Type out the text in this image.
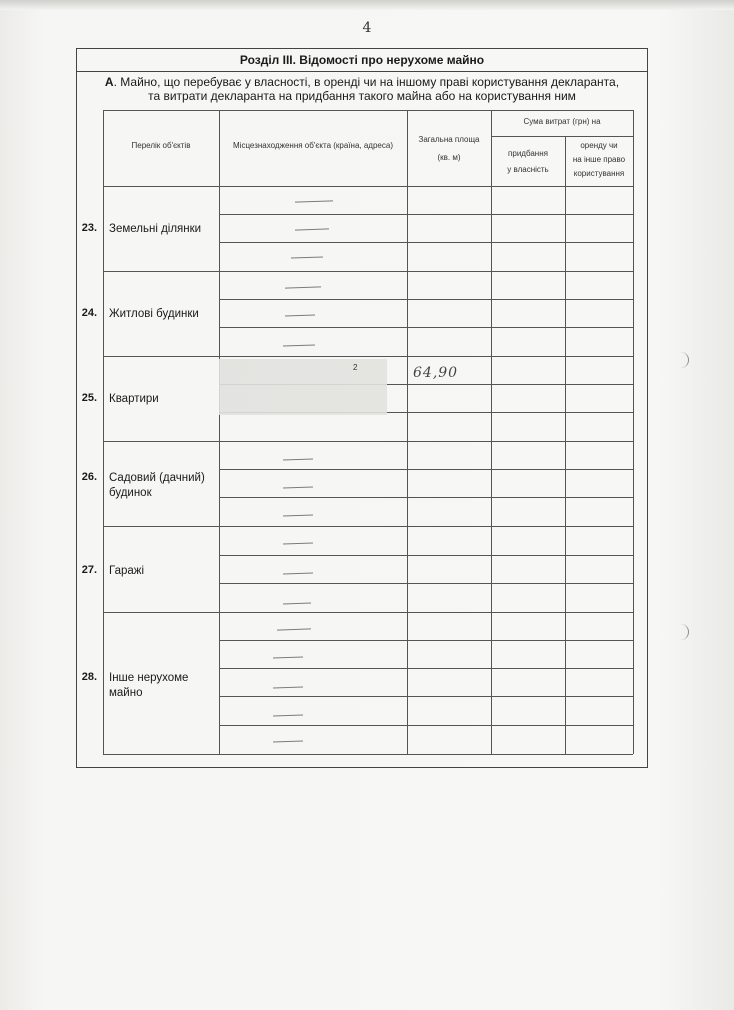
4
Розділ ІІІ. Відомості про нерухоме майно
А. Майно, що перебуває у власності, в оренді чи на іншому праві користування декларанта,
та витрати декларанта на придбання такого майна або на користування ним
Перелік об'єктів	Місцезнаходження об'єкта (країна, адреса)
Загальна площа
(кв. м)
Сума витрат (грн) на
придбання
у власність
оренду чи
на інше право
користування
23. Земельні ділянки
24. Житлові будинки
25. Квартири
26. Садовий (дачний)
будинок
27. Гаражі
28. Інше нерухоме
майно
2	64,90
